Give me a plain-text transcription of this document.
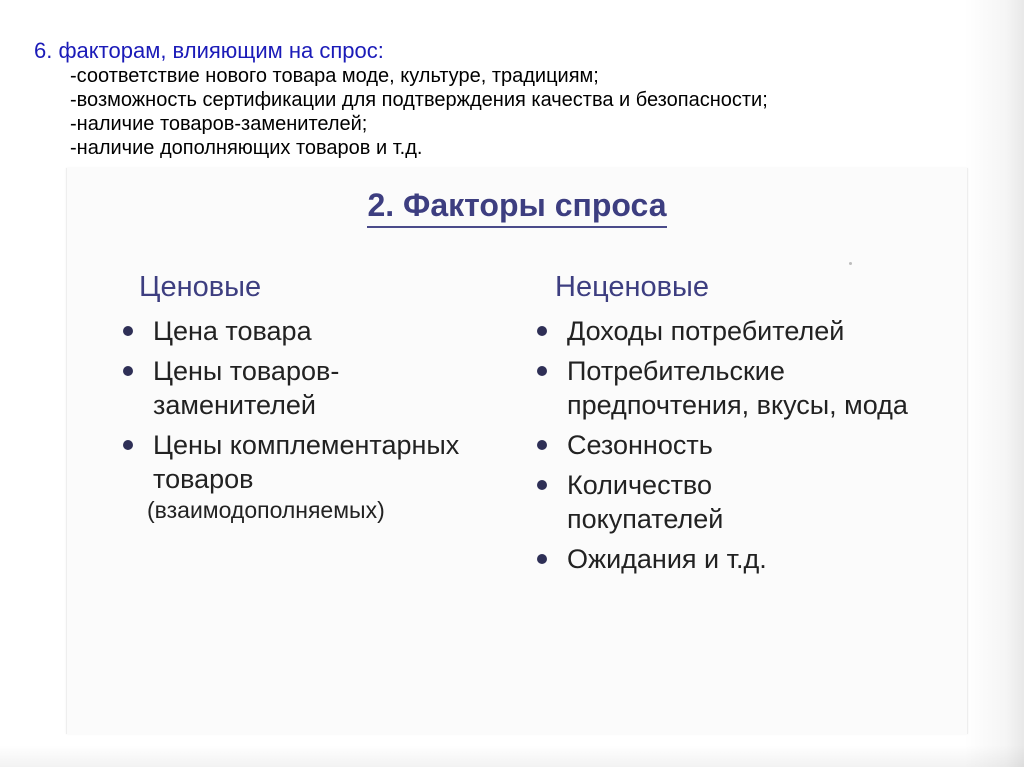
6. факторам, влияющим на спрос:

-соответствие нового товара моде, культуре, традициям;
-возможность сертификации для подтверждения качества и безопасности;
-наличие товаров-заменителей;
-наличие дополняющих товаров и т.д.
2. Факторы спроса

Ценовые

Цена товара
Цены товаров-заменителей
Цены комплементарных товаров
(взаимодополняемых)

Неценовые

Доходы потребителей
Потребительские предпочтения, вкусы, мода
Сезонность
Количество покупателей
Ожидания и т.д.
